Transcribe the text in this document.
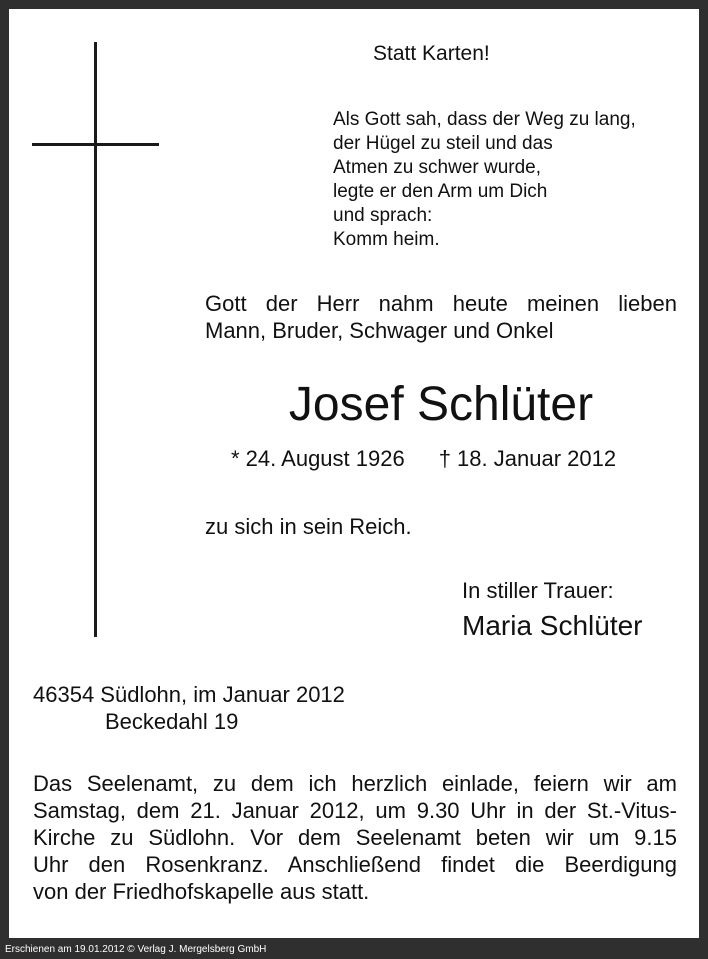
Statt Karten!
Als Gott sah, dass der Weg zu lang,
der Hügel zu steil und das
Atmen zu schwer wurde,
legte er den Arm um Dich
und sprach:
Komm heim.
Gott der Herr nahm heute meinen lieben
Mann, Bruder, Schwager und Onkel
Josef Schlüter
* 24. August 1926 † 18. Januar 2012
zu sich in sein Reich.
In stiller Trauer:
Maria Schlüter
46354 Südlohn, im Januar 2012
Beckedahl 19
Das Seelenamt, zu dem ich herzlich einlade, feiern wir am
Samstag, dem 21. Januar 2012, um 9.30 Uhr in der St.-Vitus-
Kirche zu Südlohn. Vor dem Seelenamt beten wir um 9.15
Uhr den Rosenkranz. Anschließend findet die Beerdigung
von der Friedhofskapelle aus statt.
Erschienen am 19.01.2012 © Verlag J. Mergelsberg GmbH
